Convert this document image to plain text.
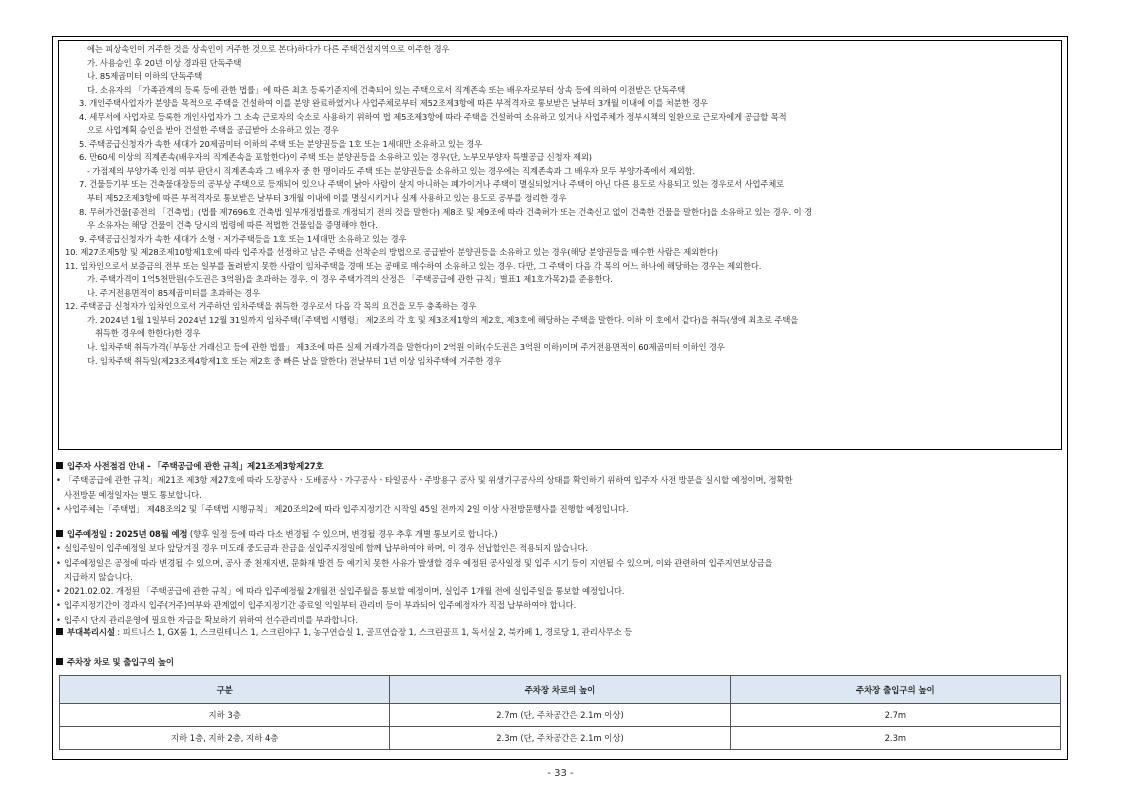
에는 피상속인이 거주한 것을 상속인이 거주한 것으로 본다)하다가 다른 주택건설지역으로 이주한 경우
가. 사용승인 후 20년 이상 경과된 단독주택
나. 85제곱미터 이하의 단독주택
다. 소유자의 「가족관계의 등록 등에 관한 법률」에 따른 최초 등록기준지에 건축되어 있는 주택으로서 직계존속 또는 배우자로부터 상속 등에 의하여 이전받은 단독주택
3. 개인주택사업자가 분양을 목적으로 주택을 건설하여 이를 분양 완료하였거나 사업주체로부터 제52조제3항에 따른 부적격자로 통보받은 날부터 3개월 이내에 이를 처분한 경우
4. 세무서에 사업자로 등록한 개인사업자가 그 소속 근로자의 숙소로 사용하기 위하여 법 제5조제3항에 따라 주택을 건설하여 소유하고 있거나 사업주체가 정부시책의 일환으로 근로자에게 공급할 목적
으로 사업계획 승인을 받아 건설한 주택을 공급받아 소유하고 있는 경우
5. 주택공급신청자가 속한 세대가 20제곱미터 이하의 주택 또는 분양권등을 1호 또는 1세대만 소유하고 있는 경우
6. 만60세 이상의 직계존속(배우자의 직계존속을 포함한다)이 주택 또는 분양권등을 소유하고 있는 경우(단, 노부모부양자 특별공급 신청자 제외)
- 가점제의 부양가족 인정 여부 판단시 직계존속과 그 배우자 중 한 명이라도 주택 또는 분양권등을 소유하고 있는 경우에는 직계존속과 그 배우자 모두 부양가족에서 제외함.
7. 건물등기부 또는 건축물대장등의 공부상 주택으로 등재되어 있으나 주택이 낡아 사람이 살지 아니하는 폐가이거나 주택이 멸실되었거나 주택이 아닌 다른 용도로 사용되고 있는 경우로서 사업주체로
부터 제52조제3항에 따른 부적격자로 통보받은 날부터 3개월 이내에 이를 멸실시키거나 실제 사용하고 있는 용도로 공부를 정리한 경우
8. 무허가건물[종전의 「건축법」(법률 제7696호 건축법 일부개정법률로 개정되기 전의 것을 말한다) 제8조 및 제9조에 따라 건축허가 또는 건축신고 없이 건축한 건물을 말한다]을 소유하고 있는 경우. 이 경
우 소유자는 해당 건물이 건축 당시의 법령에 따른 적법한 건물임을 증명해야 한다.
9. 주택공급신청자가 속한 세대가 소형ㆍ저가주택등을 1호 또는 1세대만 소유하고 있는 경우
10. 제27조제5항 및 제28조제10항제1호에 따라 입주자를 선정하고 남은 주택을 선착순의 방법으로 공급받아 분양권등을 소유하고 있는 경우(해당 분양권등을 매수한 사람은 제외한다)
11. 임차인으로서 보증금의 전부 또는 일부를 돌려받지 못한 사람이 임차주택을 경매 또는 공매로 매수하여 소유하고 있는 경우. 다만, 그 주택이 다음 각 목의 어느 하나에 해당하는 경우는 제외한다.
가. 주택가격이 1억5천만원(수도권은 3억원)을 초과하는 경우. 이 경우 주택가격의 산정은 「주택공급에 관한 규칙」별표1 제1호가목2)를 준용한다.
나. 주거전용면적이 85제곱미터를 초과하는 경우
12. 주택공급 신청자가 임차인으로서 거주하던 임차주택을 취득한 경우로서 다음 각 목의 요건을 모두 충족하는 경우
가. 2024년 1월 1일부터 2024년 12월 31일까지 임차주택(「주택법 시행령」 제2조의 각 호 및 제3조제1항의 제2호, 제3호에 해당하는 주택을 말한다. 이하 이 호에서 같다)을 취득(생애 최초로 주택을
취득한 경우에 한한다)한 경우
나. 임차주택 취득가격(「부동산 거래신고 등에 관한 법률」 제3조에 따른 실제 거래가격을 말한다)이 2억원 이하(수도권은 3억원 이하)이며 주거전용면적이 60제곱미터 이하인 경우
다. 임차주택 취득일(제23조제4항제1호 또는 제2호 중 빠른 날을 말한다) 전날부터 1년 이상 임차주택에 거주한 경우
입주자 사전점검 안내 - 「주택공급에 관한 규칙」제21조제3항제27호
• 「주택공급에 관한 규칙」제21조 제3항 제27호에 따라 도장공사ㆍ도배공사ㆍ가구공사ㆍ타일공사ㆍ주방용구 공사 및 위생기구공사의 상태를 확인하기 위하여 입주자 사전 방문을 실시할 예정이며, 정확한
사전방문 예정일자는 별도 통보합니다.
• 사업주체는「주택법」 제48조의2 및「주택법 시행규칙」 제20조의2에 따라 입주지정기간 시작일 45일 전까지 2일 이상 사전방문행사를 진행할 예정입니다.
입주예정일 : 2025년 08월 예정 (향후 일정 등에 따라 다소 변경될 수 있으며, 변경될 경우 추후 개별 통보키로 합니다.)
• 실입주일이 입주예정일 보다 앞당겨질 경우 미도래 중도금과 잔금을 실입주지정일에 함께 납부하여야 하며, 이 경우 선납할인은 적용되지 않습니다.
• 입주예정일은 공정에 따라 변경될 수 있으며, 공사 중 천재지변, 문화재 발견 등 예기치 못한 사유가 발생할 경우 예정된 공사일정 및 입주 시기 등이 지연될 수 있으며, 이와 관련하여 입주지연보상금을
지급하지 않습니다.
• 2021.02.02. 개정된 「주택공급에 관한 규칙」에 따라 입주예정월 2개월전 실입주월을 통보할 예정이며, 실입주 1개월 전에 실입주일을 통보할 예정입니다.
• 입주지정기간이 경과시 입주(거주)여부와 관계없이 입주지정기간 종료일 익일부터 관리비 등이 부과되어 입주예정자가 직접 납부하여야 합니다.
• 입주시 단지 관리운영에 필요한 자금을 확보하기 위하여 선수관리비를 부과합니다.
부대복리시설 : 피트니스 1, GX룸 1, 스크린테니스 1, 스크린야구 1, 농구연습실 1, 골프연습장 1, 스크린골프 1, 독서실 2, 북카페 1, 경로당 1, 관리사무소 등
주차장 차로 및 출입구의 높이
구분	주차장 차로의 높이	주차장 출입구의 높이
지하 3층	2.7m (단, 주차공간은 2.1m 이상)	2.7m
지하 1층, 지하 2층, 지하 4층	2.3m (단, 주차공간은 2.1m 이상)	2.3m
- 33 -
